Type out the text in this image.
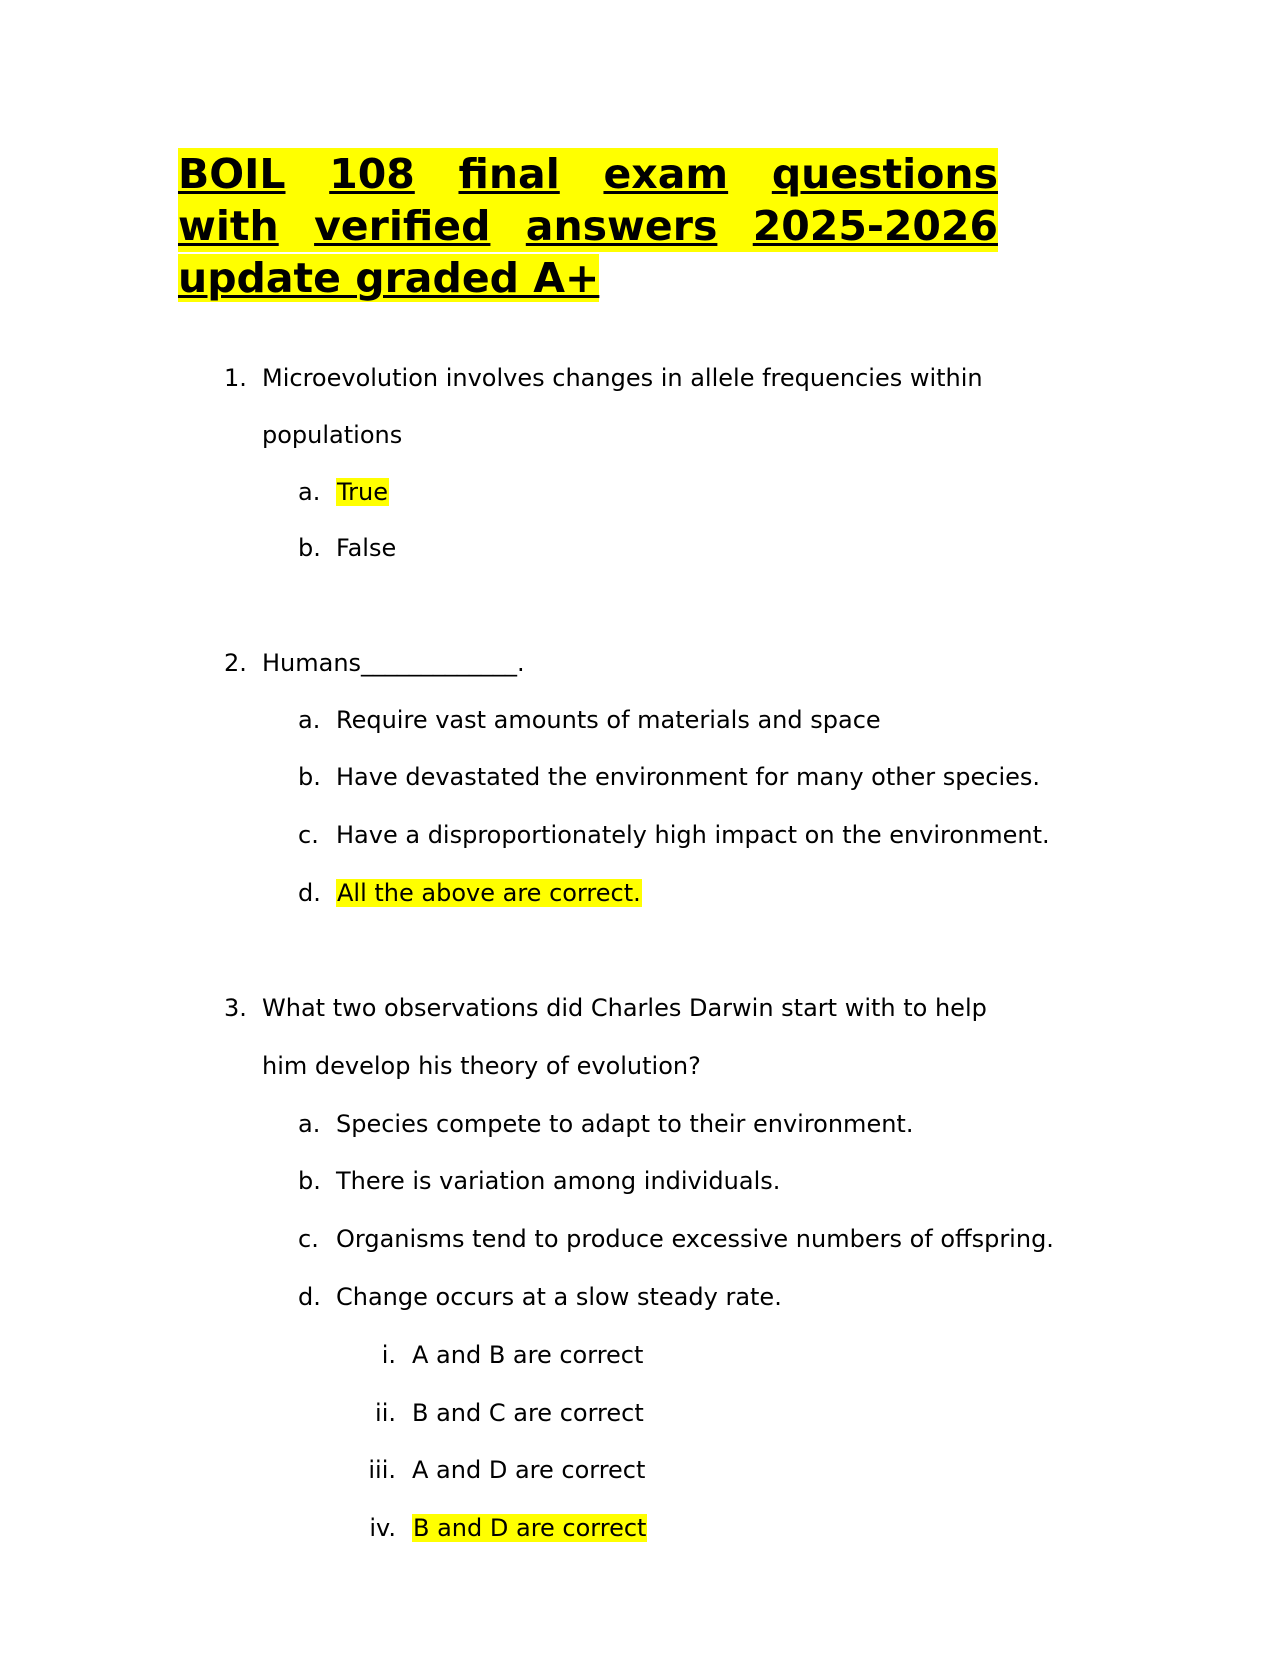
BOIL 108 final exam questions
with verified answers 2025-2026
update graded A+
1. Microevolution involves changes in allele frequencies within
populations
a. True
b. False
2. Humans_____________.
a. Require vast amounts of materials and space
b. Have devastated the environment for many other species.
c. Have a disproportionately high impact on the environment.
d. All the above are correct.
3. What two observations did Charles Darwin start with to help
him develop his theory of evolution?
a. Species compete to adapt to their environment.
b. There is variation among individuals.
c. Organisms tend to produce excessive numbers of offspring.
d. Change occurs at a slow steady rate.
i. A and B are correct
ii. B and C are correct
iii. A and D are correct
iv. B and D are correct
